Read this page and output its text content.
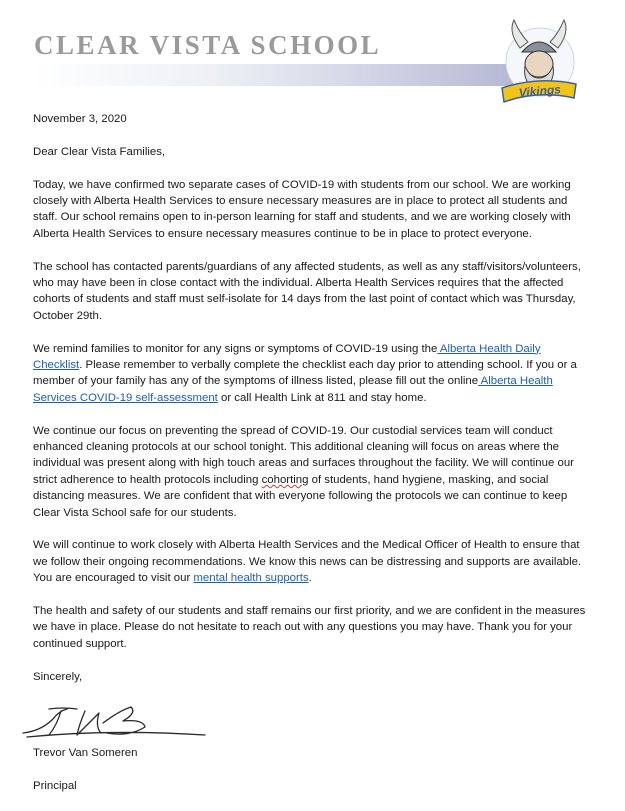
CLEAR VISTA SCHOOL
Vikings

November 3, 2020

Dear Clear Vista Families,

Today, we have confirmed two separate cases of COVID-19 with students from our school. We are working closely with Alberta Health Services to ensure necessary measures are in place to protect all students and staff. Our school remains open to in-person learning for staff and students, and we are working closely with Alberta Health Services to ensure necessary measures continue to be in place to protect everyone.

The school has contacted parents/guardians of any affected students, as well as any staff/visitors/volunteers, who may have been in close contact with the individual. Alberta Health Services requires that the affected cohorts of students and staff must self-isolate for 14 days from the last point of contact which was Thursday, October 29th.

We remind families to monitor for any signs or symptoms of COVID-19 using the Alberta Health Daily Checklist. Please remember to verbally complete the checklist each day prior to attending school. If you or a member of your family has any of the symptoms of illness listed, please fill out the online Alberta Health Services COVID-19 self-assessment or call Health Link at 811 and stay home.

We continue our focus on preventing the spread of COVID-19. Our custodial services team will conduct enhanced cleaning protocols at our school tonight. This additional cleaning will focus on areas where the individual was present along with high touch areas and surfaces throughout the facility. We will continue our strict adherence to health protocols including cohorting of students, hand hygiene, masking, and social distancing measures. We are confident that with everyone following the protocols we can continue to keep Clear Vista School safe for our students.

We will continue to work closely with Alberta Health Services and the Medical Officer of Health to ensure that we follow their ongoing recommendations. We know this news can be distressing and supports are available. You are encouraged to visit our mental health supports.

The health and safety of our students and staff remains our first priority, and we are confident in the measures we have in place. Please do not hesitate to reach out with any questions you may have. Thank you for your continued support.

Sincerely,

Trevor Van Someren

Principal
